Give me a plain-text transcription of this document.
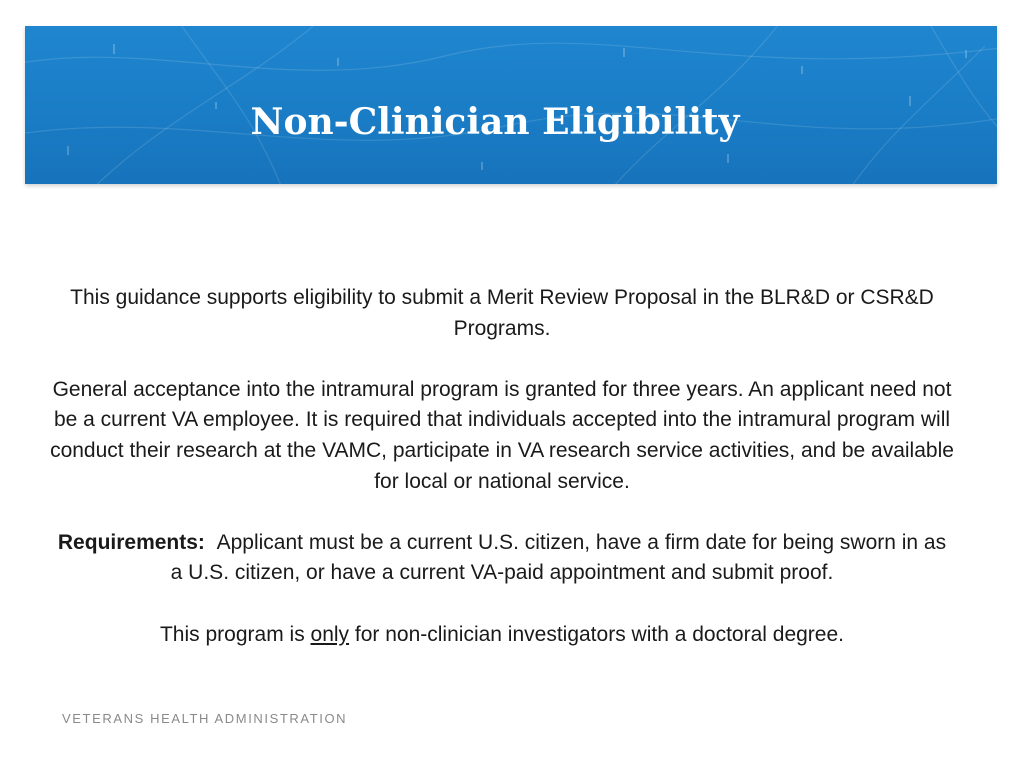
Non-Clinician Eligibility

This guidance supports eligibility to submit a Merit Review Proposal in the BLR&D or CSR&D Programs.

General acceptance into the intramural program is granted for three years. An applicant need not be a current VA employee. It is required that individuals accepted into the intramural program will conduct their research at the VAMC, participate in VA research service activities, and be available for local or national service.

Requirements: Applicant must be a current U.S. citizen, have a firm date for being sworn in as a U.S. citizen, or have a current VA-paid appointment and submit proof.

This program is only for non-clinician investigators with a doctoral degree.

VETERANS HEALTH ADMINISTRATION
